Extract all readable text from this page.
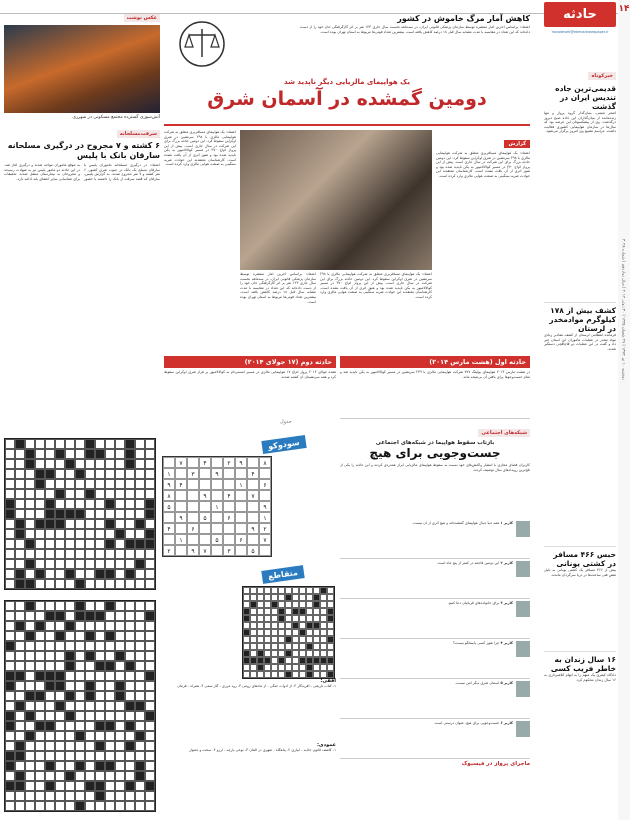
۱۴
دوشنبه ۱۰ تیر ۱۳۹۳ | ۲۹ شعبان ۱۴۳۵ | ۳۰ ژوئن ۲۰۱۴ | سال دوازدهم | شماره ۳۰۲۸
حادثه
havadeseh@etemadnewspaper.ir
خبرکوتاه
قدیمی‌ترین‌ جاده‌ تندیس ایران در گذشت
اصغر نعیمی، بنیان‌گذار گروه پرواز و تنها زنده‌مانده از بنیان‌گذاران این جاده صبح دیروز درگذشت. وی از پیشکسوتان این عرصه بود که سال‌ها در سازمان هواپیمایی کشوری فعالیت داشت. مراسم تشییع وی امروز برگزار می‌شود.
کشف بیش از ۱۷۸ کیلوگرم موادمخدر در لرستان
فرمانده انتظامی لرستان از کشف مقادیر زیادی مواد مخدر در عملیات ماموران این استان خبر داد و گفت در این عملیات دو قاچاقچی دستگیر شدند.
حبس ۴۶۶ مسافر در کشتی یونانی
بیش از ۴۶۶ مسافر یک کشتی یونانی به دلیل نقص فنی ساعت‌ها در دریا سرگردان ماندند.
۱۶ سال زندان به خاطر فریب کسی
دادگاه کیفری یک متهم را به اتهام کلاهبرداری به ۱۶ سال زندان محکوم کرد.
کاهش آمار مرگ خاموش در کشور
اعتماد: براساس آخرین آمار منتشره توسط سازمان پزشکی قانونی ایران، در سه‌ماهه نخست سال جاری ۱۲۳ نفر بر اثر گازگرفتگی جان خود را از دست داده‌اند که این تعداد در مقایسه با مدت مشابه سال قبل ۱۸ درصد کاهش یافته است. بیشترین تعداد فوتی‌ها مربوط به استان تهران بوده است.
یک هواپیمای مالزیایی دیگر ناپدید شد
دومین گمشده در آسمان شرق
گزارش
اعتماد: یک هواپیمای مسافربری متعلق به شرکت هواپیمایی مالزی با ۲۹۸ سرنشین در شرق اوکراین سقوط کرد. این دومین حادثه بزرگ برای این شرکت در سال جاری است. پیش از این پرواز ام‌اچ ۳۷۰ در مسیر کوالالامپور به پکن ناپدید شده بود و هنوز اثری از آن یافت نشده است. کارشناسان معتقدند این حوادث ضربه سنگینی به صنعت هوایی مالزی وارد کرده است.
اعتماد: یک هواپیمای مسافربری متعلق به شرکت هواپیمایی مالزی با ۲۹۸ سرنشین در شرق اوکراین سقوط کرد. این دومین حادثه بزرگ برای این شرکت در سال جاری است. پیش از این پرواز ام‌اچ ۳۷۰ در مسیر کوالالامپور به پکن ناپدید شده بود و هنوز اثری از آن یافت نشده است. کارشناسان معتقدند این حوادث ضربه سنگینی به صنعت هوایی مالزی وارد کرده است.
اعتماد: براساس آخرین آمار منتشره توسط سازمان پزشکی قانونی ایران، در سه‌ماهه نخست سال جاری ۱۲۳ نفر بر اثر گازگرفتگی جان خود را از دست داده‌اند که این تعداد در مقایسه با مدت مشابه سال قبل ۱۸ درصد کاهش یافته است. بیشترین تعداد فوتی‌ها مربوط به استان تهران بوده است.
اعتماد: یک هواپیمای مسافربری متعلق به شرکت هواپیمایی مالزی با ۲۹۸ سرنشین در شرق اوکراین سقوط کرد. این دومین حادثه بزرگ برای این شرکت در سال جاری است. پیش از این پرواز ام‌اچ ۳۷۰ در مسیر کوالالامپور به پکن ناپدید شده بود و هنوز اثری از آن یافت نشده است. کارشناسان معتقدند این حوادث ضربه سنگینی به صنعت هوایی مالزی وارد کرده است.
حادثه اول (هشت مارس ۲۰۱۴)
در هشت مارس ۲۰۱۴ هواپیمای بوئینگ ۷۷۷ شرکت هواپیمایی مالزی با ۲۳۹ سرنشین در مسیر کوالالامپور به پکن ناپدید شد و تمام جست‌وجوها برای یافتن آن بی‌نتیجه ماند.
حادثه دوم (۱۷ جولای ۲۰۱۴)
هفده جولای ۲۰۱۴ پرواز ام‌اچ ۱۷ هواپیمایی مالزی در مسیر آمستردام به کوالالامپور بر فراز شرق اوکراین سقوط کرد و همه سرنشینان آن کشته شدند.
عکس نوشت
آتش‌سوزی گسترده مجتمع مسکونی در شهرری
سرقت‌مسلحانه
۶ کشته و ۷ مجروح در درگیری مسلحانه سارقان بانک با پلیس
اعتماد: در درگیری مسلحانه ماموران پلیس با سارقان مسلح یک بانک در جنوب شرق کشور، ۶ نفر کشته و ۷ نفر مجروح شدند. به گزارش پلیس، سارقان که قصد سرقت از بانک را داشتند با حضور به موقع ماموران مواجه شدند و درگیری آغاز شد. در این حادثه دو مامور پلیس نیز به شهادت رسیدند و مجروحان به بیمارستان منتقل شدند. تحقیقات برای شناسایی سایر اعضای باند ادامه دارد.
شبکه‌های اجتماعی
بازتاب سقوط هواپیما در شبکه‌های اجتماعی
جست‌وجویی برای هیچ
کاربران فضای مجازی با انتشار واکنش‌های خود نسبت به سقوط هواپیمای مالزیایی ابراز همدردی کردند و این حادثه را یکی از تلخ‌ترین رویدادهای سال توصیف کردند.
کاربر ۱ همه دنیا دنبال هواپیمای گمشده‌اند و هیچ اثری از آن نیست.
کاربر ۲ این دومین فاجعه در کمتر از پنج ماه است.
کاربر ۳ برای خانواده‌های قربانیان دعا کنیم.
کاربر ۴ چرا هنوز کسی پاسخگو نیست؟
کاربر ۵ آسمان شرق دیگر امن نیست.
کاربر ۶ جست‌وجویی برای هیچ، عنوان درستی است.
ماجرای پرواز در فیسبوک
جدول
سودوکو
۸
۹
۲
۴
۷
۴
۹
۳
۱
۶
۱
۴
۹
۷
۴
۹
۸
۹
۱
۵
۱
۶
۵
۹
۲
۹
۶
۴
۷
۶
۵
۱
۵
۳
۷
۹
۲
متقاطع
افقی:
۱- کتاب تاریخی - آفریدگار ۲- از ادوات جنگی - از ماه‌های رومی ۳- رود مرزی - گاز سمی ۴- همراه - فرمان
عمودی:
۱- کاشف قانون جاذبه - آبیاری ۲- پناهگاه - شهری در آلمان ۳- نوعی پارچه - آرزو ۴- سخت و دشوار
